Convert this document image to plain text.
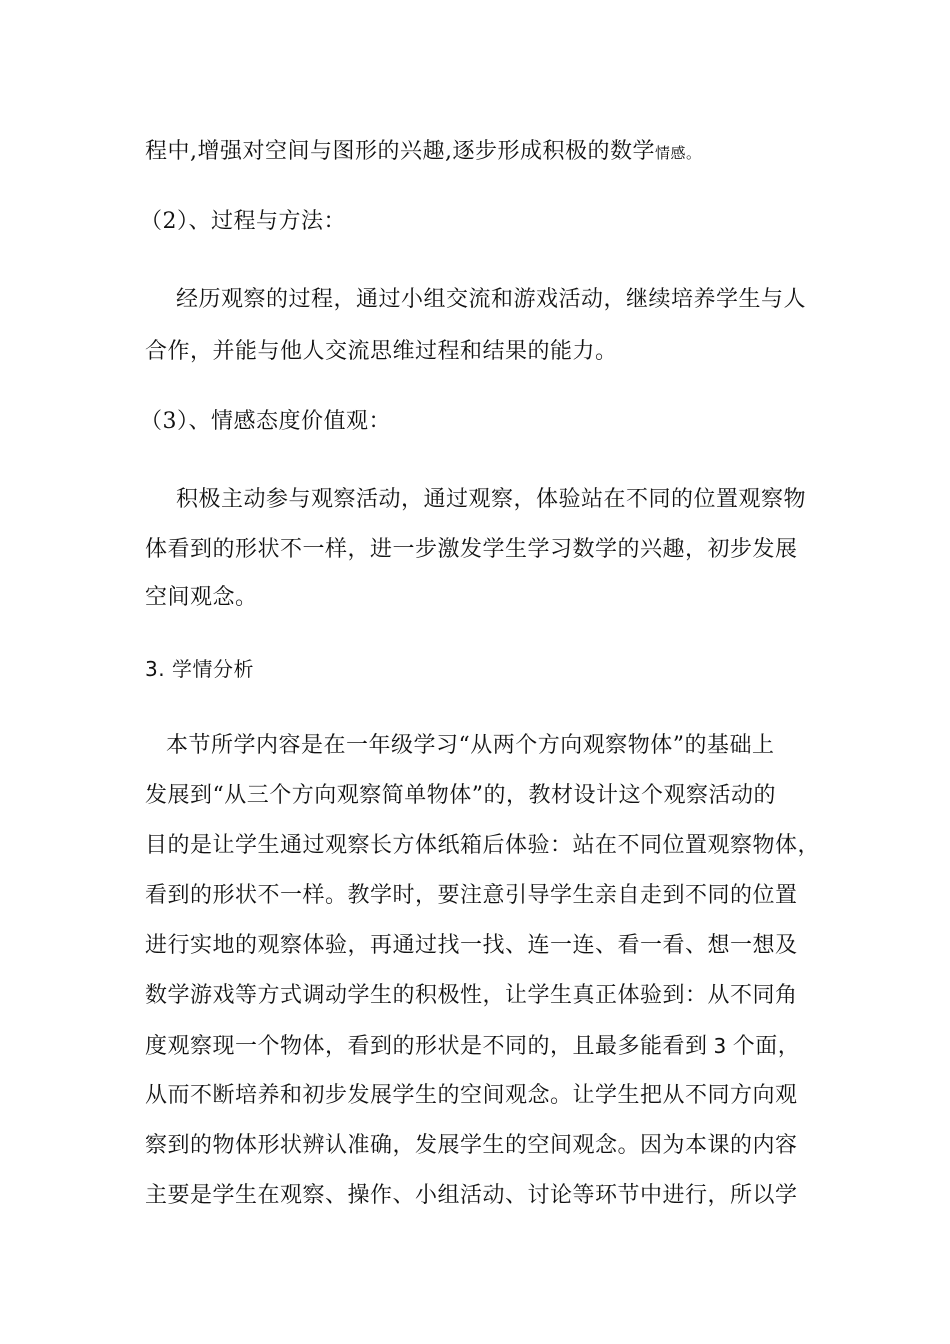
程中,增强对空间与图形的兴趣,逐步形成积极的数学情感。
（2）、过程与方法：
经历观察的过程，通过小组交流和游戏活动，继续培养学生与人
合作，并能与他人交流思维过程和结果的能力。
（3）、情感态度价值观：
积极主动参与观察活动，通过观察，体验站在不同的位置观察物
体看到的形状不一样，进一步激发学生学习数学的兴趣，初步发展
空间观念。
3. 学情分析
本节所学内容是在一年级学习“从两个方向观察物体”的基础上
发展到“从三个方向观察简单物体”的，教材设计这个观察活动的
目的是让学生通过观察长方体纸箱后体验：站在不同位置观察物体，
看到的形状不一样。教学时，要注意引导学生亲自走到不同的位置
进行实地的观察体验，再通过找一找、连一连、看一看、想一想及
数学游戏等方式调动学生的积极性，让学生真正体验到：从不同角
度观察现一个物体，看到的形状是不同的，且最多能看到 3 个面，
从而不断培养和初步发展学生的空间观念。让学生把从不同方向观
察到的物体形状辨认准确，发展学生的空间观念。因为本课的内容
主要是学生在观察、操作、小组活动、讨论等环节中进行，所以学
